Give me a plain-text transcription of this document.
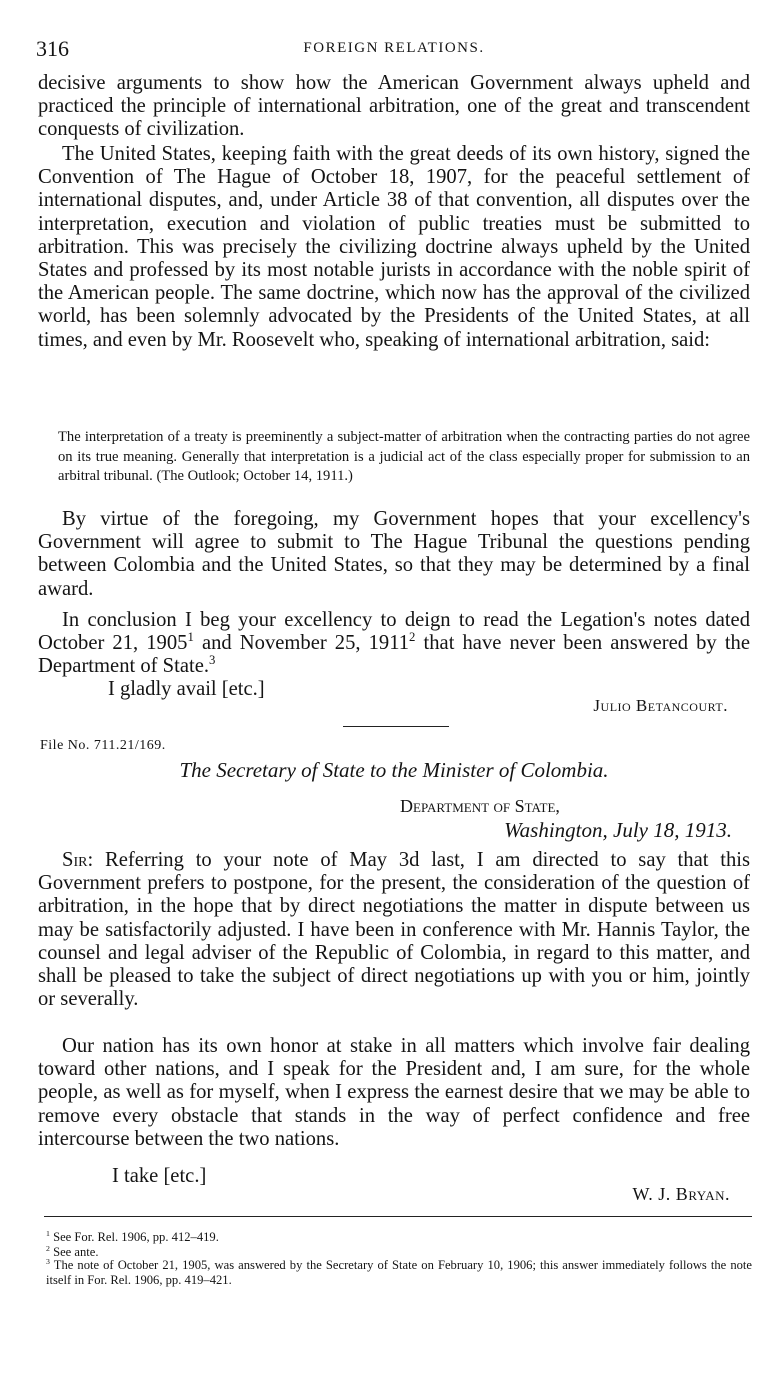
316	FOREIGN RELATIONS.

decisive arguments to show how the American Government always upheld and practiced the principle of international arbitration, one of the great and transcendent conquests of civilization.

The United States, keeping faith with the great deeds of its own history, signed the Convention of The Hague of October 18, 1907, for the peaceful settlement of international disputes, and, under Article 38 of that convention, all disputes over the interpretation, execution and violation of public treaties must be submitted to arbitration. This was precisely the civilizing doctrine always upheld by the United States and professed by its most notable jurists in accordance with the noble spirit of the American people. The same doctrine, which now has the approval of the civilized world, has been solemnly advocated by the Presidents of the United States, at all times, and even by Mr. Roosevelt who, speaking of international arbitration, said:

The interpretation of a treaty is preeminently a subject-matter of arbitration when the contracting parties do not agree on its true meaning. Generally that interpretation is a judicial act of the class especially proper for submission to an arbitral tribunal. (The Outlook; October 14, 1911.)

By virtue of the foregoing, my Government hopes that your excellency's Government will agree to submit to The Hague Tribunal the questions pending between Colombia and the United States, so that they may be determined by a final award.

In conclusion I beg your excellency to deign to read the Legation's notes dated October 21, 1905$^1$ and November 25, 1911$^2$ that have never been answered by the Department of State.$^3$

I gladly avail [etc.]
Julio Betancourt.
File No. 711.21/169.
The Secretary of State to the Minister of Colombia.
Department of State,
Washington, July 18, 1913.

Sir: Referring to your note of May 3d last, I am directed to say that this Government prefers to postpone, for the present, the consideration of the question of arbitration, in the hope that by direct negotiations the matter in dispute between us may be satisfactorily adjusted. I have been in conference with Mr. Hannis Taylor, the counsel and legal adviser of the Republic of Colombia, in regard to this matter, and shall be pleased to take the subject of direct negotiations up with you or him, jointly or severally.

Our nation has its own honor at stake in all matters which involve fair dealing toward other nations, and I speak for the President and, I am sure, for the whole people, as well as for myself, when I express the earnest desire that we may be able to remove every obstacle that stands in the way of perfect confidence and free intercourse between the two nations.

I take [etc.]
W. J. Bryan.
$^1$ See For. Rel. 1906, pp. 412–419.
$^2$ See ante.
$^3$ The note of October 21, 1905, was answered by the Secretary of State on February 10, 1906; this answer immediately follows the note itself in For. Rel. 1906, pp. 419–421.
